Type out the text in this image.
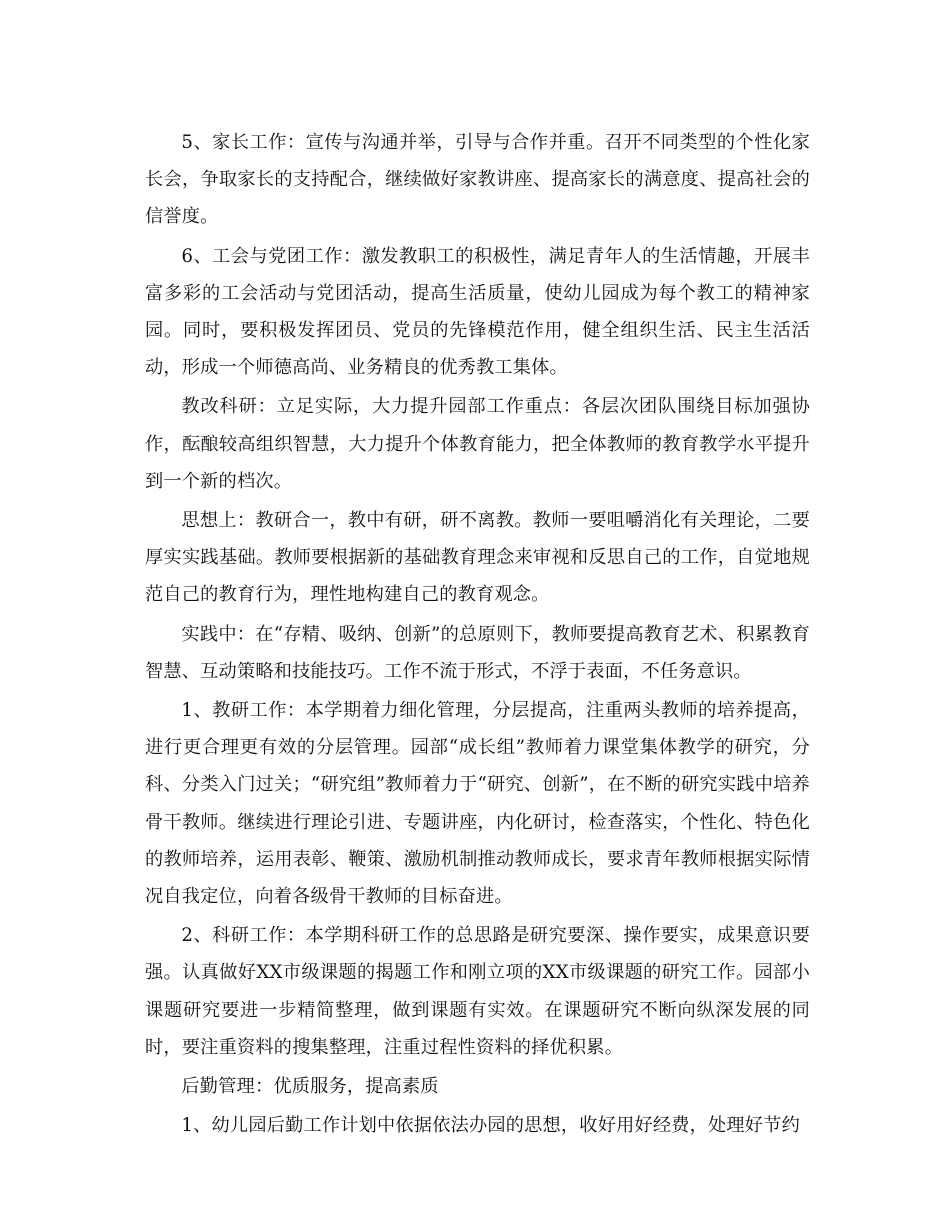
5、家长工作：宣传与沟通并举，引导与合作并重。召开不同类型的个性化家长会，争取家长的支持配合，继续做好家教讲座、提高家长的满意度、提高社会的信誉度。

6、工会与党团工作：激发教职工的积极性，满足青年人的生活情趣，开展丰富多彩的工会活动与党团活动，提高生活质量，使幼儿园成为每个教工的精神家园。同时，要积极发挥团员、党员的先锋模范作用，健全组织生活、民主生活活动，形成一个师德高尚、业务精良的优秀教工集体。

教改科研：立足实际，大力提升园部工作重点：各层次团队围绕目标加强协作，酝酿较高组织智慧，大力提升个体教育能力，把全体教师的教育教学水平提升到一个新的档次。

思想上：教研合一，教中有研，研不离教。教师一要咀嚼消化有关理论，二要厚实实践基础。教师要根据新的基础教育理念来审视和反思自己的工作，自觉地规范自己的教育行为，理性地构建自己的教育观念。

实践中：在“存精、吸纳、创新”的总原则下，教师要提高教育艺术、积累教育智慧、互动策略和技能技巧。工作不流于形式，不浮于表面，不任务意识。

1、教研工作：本学期着力细化管理，分层提高，注重两头教师的培养提高，进行更合理更有效的分层管理。园部“成长组”教师着力课堂集体教学的研究，分科、分类入门过关；“研究组”教师着力于“研究、创新”，在不断的研究实践中培养骨干教师。继续进行理论引进、专题讲座，内化研讨，检查落实，个性化、特色化的教师培养，运用表彰、鞭策、激励机制推动教师成长，要求青年教师根据实际情况自我定位，向着各级骨干教师的目标奋进。

2、科研工作：本学期科研工作的总思路是研究要深、操作要实，成果意识要强。认真做好XX市级课题的揭题工作和刚立项的XX市级课题的研究工作。园部小课题研究要进一步精简整理，做到课题有实效。在课题研究不断向纵深发展的同时，要注重资料的搜集整理，注重过程性资料的择优积累。

后勤管理：优质服务，提高素质

1、幼儿园后勤工作计划中依据依法办园的思想，收好用好经费，处理好节约
